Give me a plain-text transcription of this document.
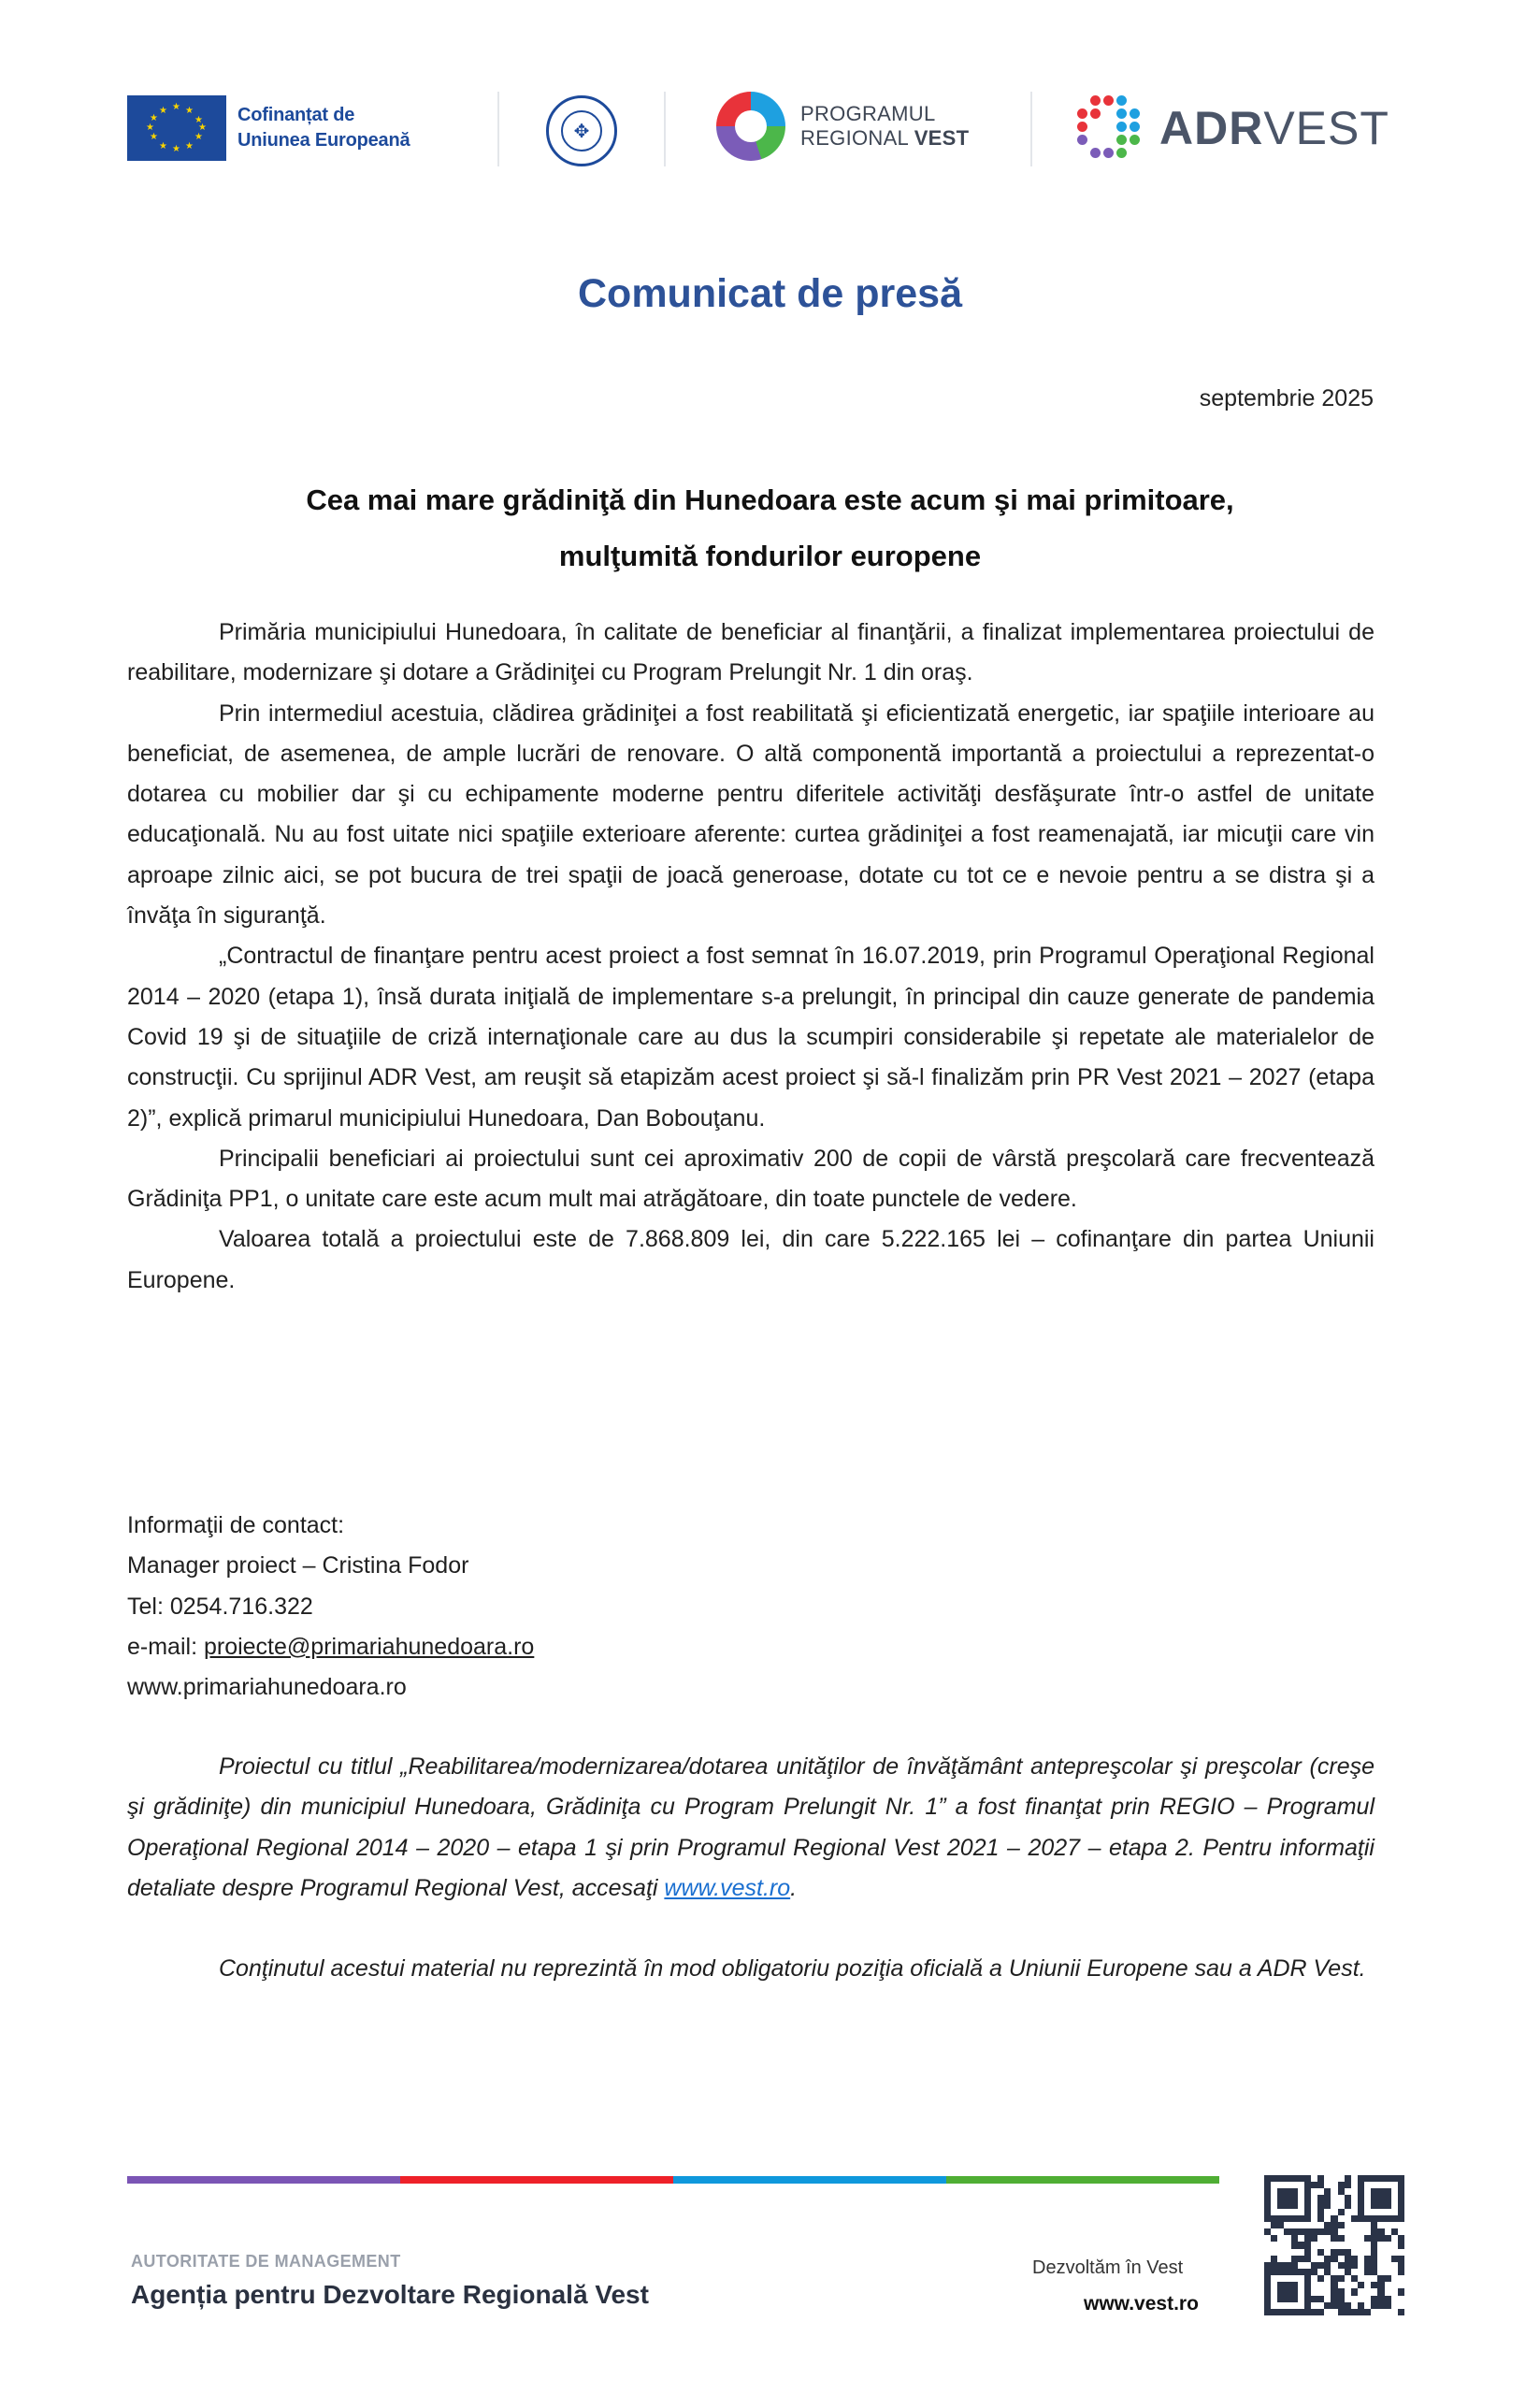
★ ★
★
★
★
★
★
★
★
★
★
★	Cofinanțat de
Uniunea Europeană	✥
PROGRAMUL
REGIONAL VEST	ADRVEST
Comunicat de presă
septembrie 2025
Cea mai mare grădiniţă din Hunedoara este acum şi mai primitoare,
mulţumită fondurilor europene

Primăria municipiului Hunedoara, în calitate de beneficiar al finanţării, a finalizat implementarea proiectului de reabilitare, modernizare şi dotare a Grădiniţei cu Program Prelungit Nr. 1 din oraş.

Prin intermediul acestuia, clădirea grădiniţei a fost reabilitată şi eficientizată energetic, iar spaţiile interioare au beneficiat, de asemenea, de ample lucrări de renovare. O altă componentă importantă a proiectului a reprezentat-o dotarea cu mobilier dar şi cu echipamente moderne pentru diferitele activităţi desfăşurate într-o astfel de unitate educaţională. Nu au fost uitate nici spaţiile exterioare aferente: curtea grădiniţei a fost reamenajată, iar micuţii care vin aproape zilnic aici, se pot bucura de trei spaţii de joacă generoase, dotate cu tot ce e nevoie pentru a se distra şi a învăţa în siguranţă.

„Contractul de finanţare pentru acest proiect a fost semnat în 16.07.2019, prin Programul Operaţional Regional 2014 – 2020 (etapa 1), însă durata iniţială de implementare s-a prelungit, în principal din cauze generate de pandemia Covid 19 şi de situaţiile de criză internaţionale care au dus la scumpiri considerabile şi repetate ale materialelor de construcţii. Cu sprijinul ADR Vest, am reuşit să etapizăm acest proiect şi să-l finalizăm prin PR Vest 2021 – 2027 (etapa 2)”, explică primarul municipiului Hunedoara, Dan Bobouţanu.

Principalii beneficiari ai proiectului sunt cei aproximativ 200 de copii de vârstă preşcolară care frecventează Grădiniţa PP1, o unitate care este acum mult mai atrăgătoare, din toate punctele de vedere.

Valoarea totală a proiectului este de 7.868.809 lei, din care 5.222.165 lei – cofinanţare din partea Uniunii Europene.

Informaţii de contact:
Manager proiect – Cristina Fodor
Tel: 0254.716.322
e-mail: proiecte@primariahunedoara.ro
www.primariahunedoara.ro

Proiectul cu titlul „Reabilitarea/modernizarea/dotarea unităţilor de învăţământ antepreşcolar şi preşcolar (creşe şi grădiniţe) din municipiul Hunedoara, Grădiniţa cu Program Prelungit Nr. 1” a fost finanţat prin REGIO – Programul Operaţional Regional 2014 – 2020 – etapa 1 şi prin Programul Regional Vest 2021 – 2027 – etapa 2. Pentru informaţii detaliate despre Programul Regional Vest, accesaţi www.vest.ro.

Conţinutul acestui material nu reprezintă în mod obligatoriu poziţia oficială a Uniunii Europene sau a ADR Vest.

AUTORITATE DE MANAGEMENT
Agenția pentru Dezvoltare Regională Vest
Dezvoltăm în Vest
www.vest.ro
